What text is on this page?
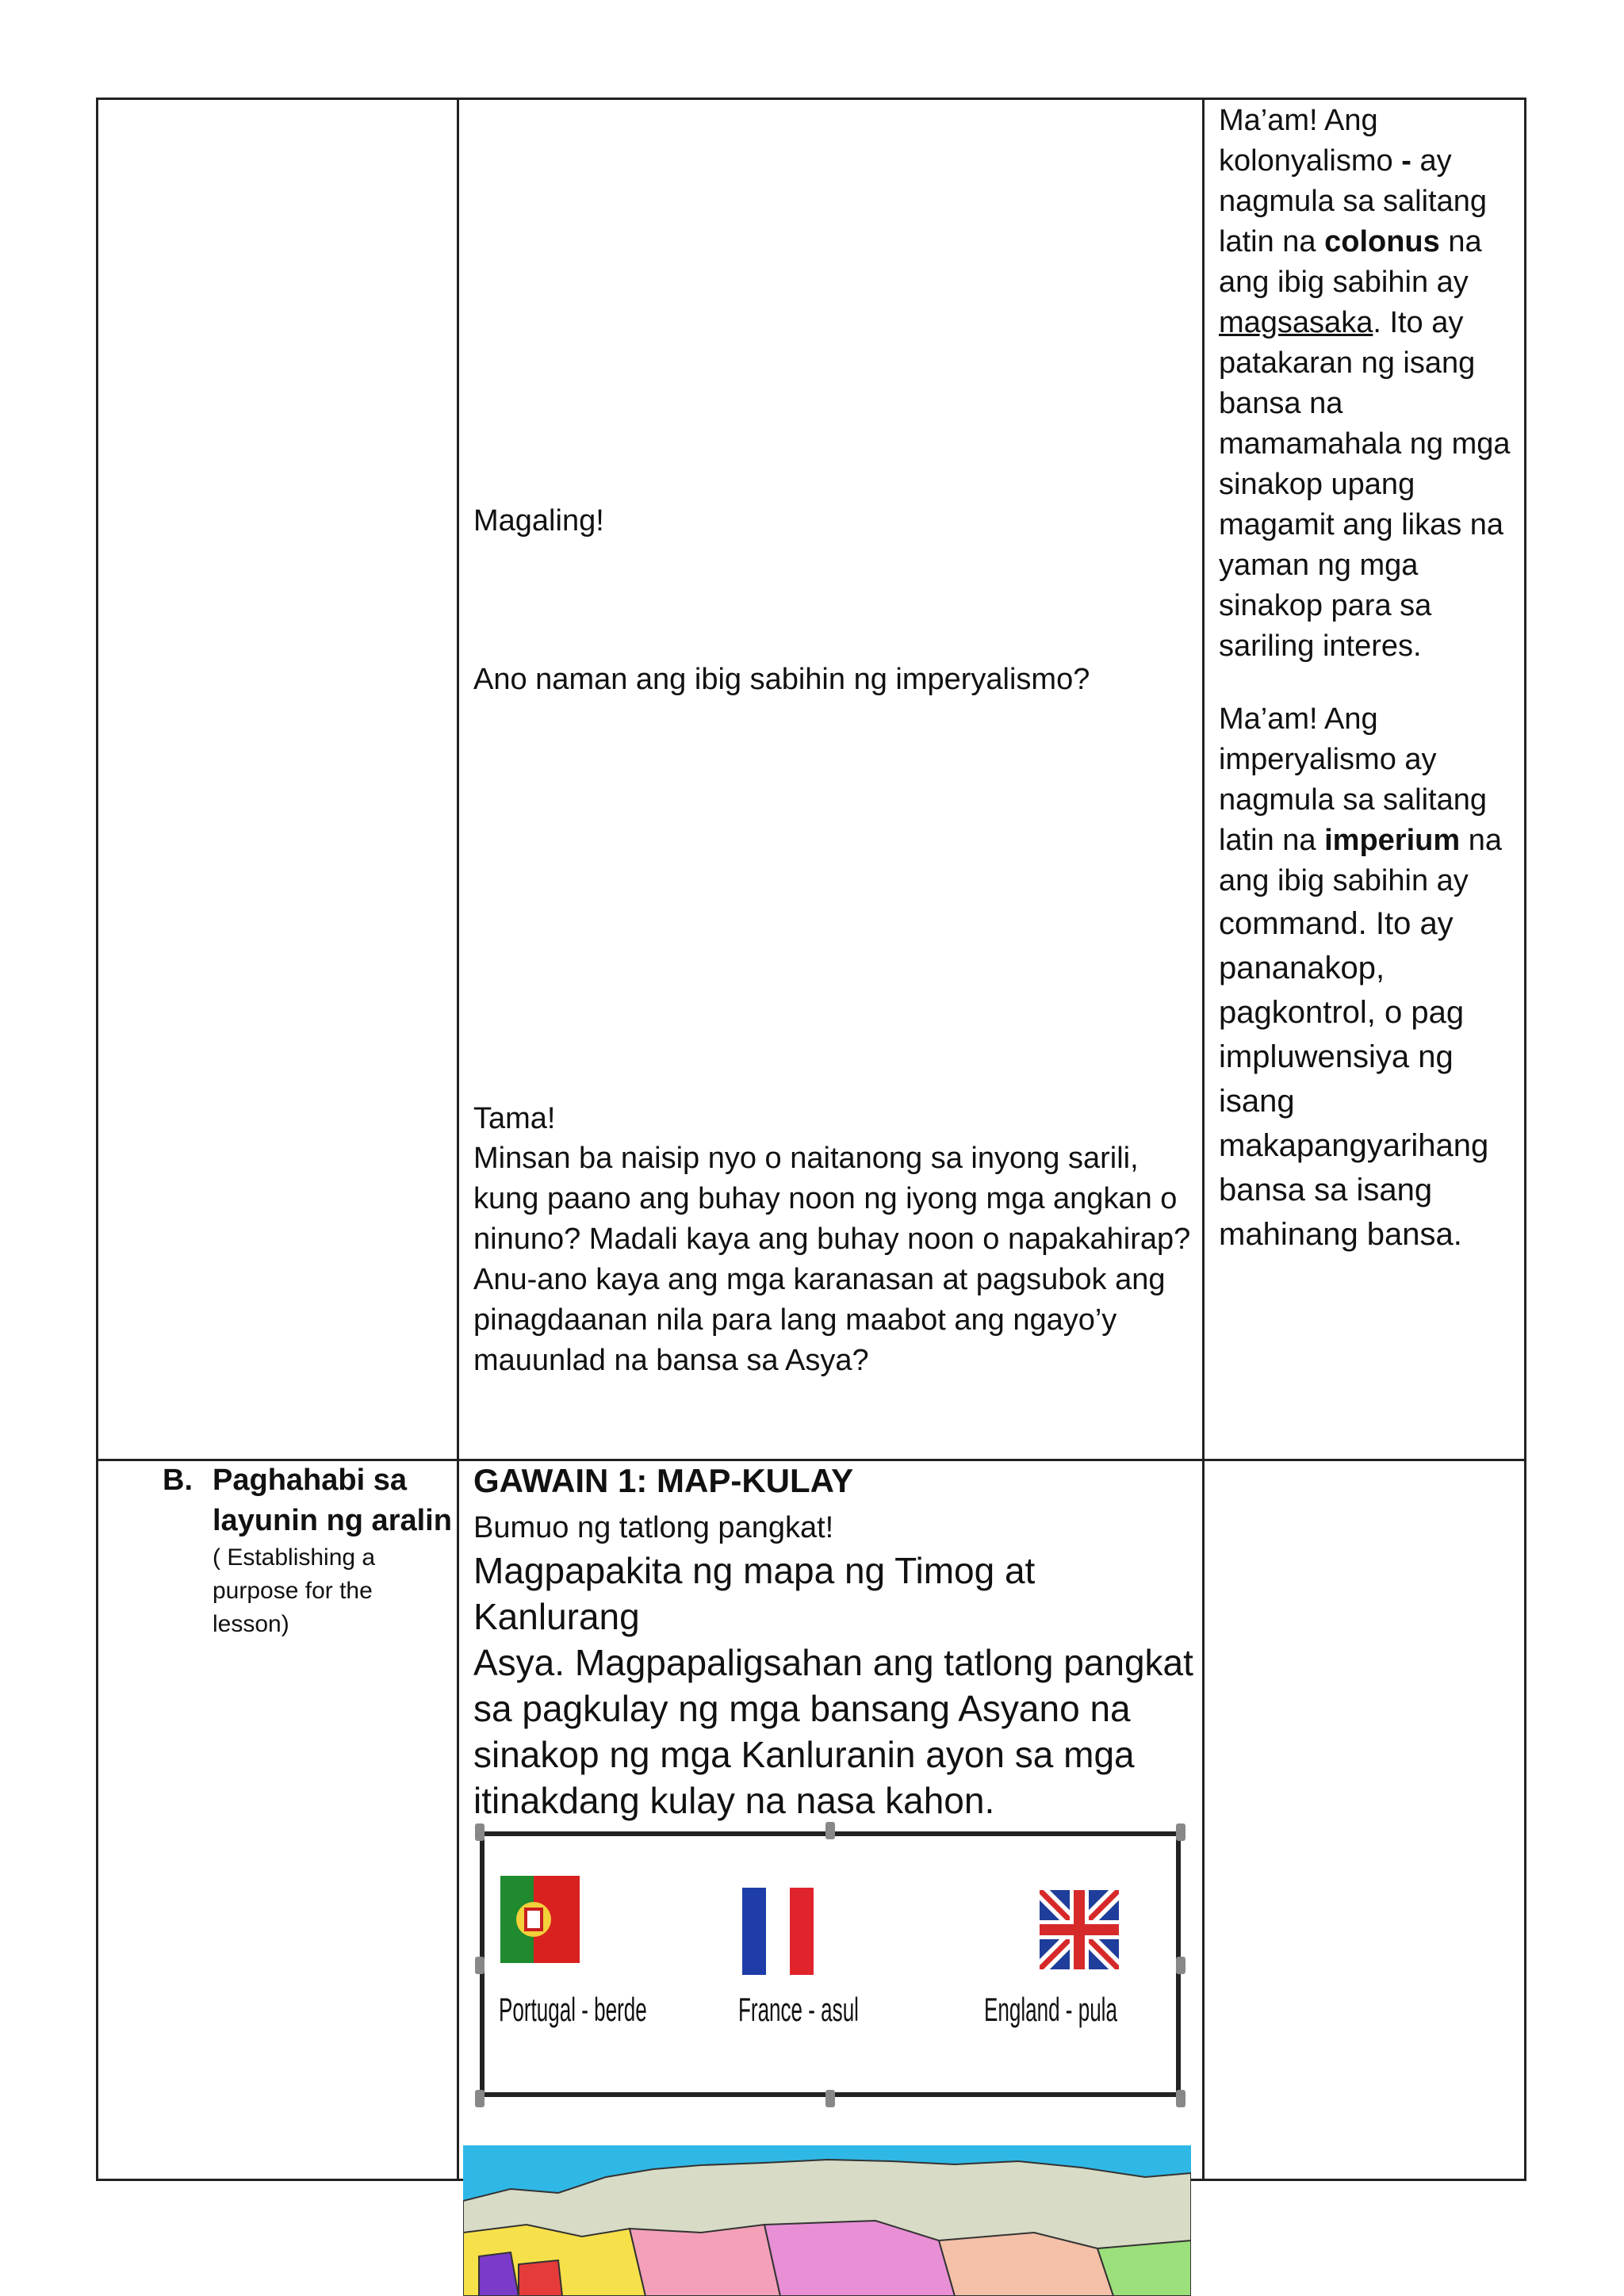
Ma’am! Ang
kolonyalismo - ay
nagmula sa salitang
latin na colonus na
ang ibig sabihin ay
magsasaka. Ito ay
patakaran ng isang
bansa na
mamamahala ng mga
sinakop upang
magamit ang likas na
yaman ng mga
sinakop para sa
sariling interes.
Ma’am! Ang
imperyalismo ay
nagmula sa salitang
latin na imperium na
ang ibig sabihin ay
command. Ito ay
pananakop,
pagkontrol, o pag
impluwensiya ng
isang
makapangyarihang
bansa sa isang
mahinang bansa.
Magaling!
Ano naman ang ibig sabihin ng imperyalismo?
Tama!
Minsan ba naisip nyo o naitanong sa inyong sarili,
kung paano ang buhay noon ng iyong mga angkan o
ninuno? Madali kaya ang buhay noon o napakahirap?
Anu-ano kaya ang mga karanasan at pagsubok ang
pinagdaanan nila para lang maabot ang ngayo’y
mauunlad na bansa sa Asya?
B. Paghahabi sa
layunin ng aralin
( Establishing a
purpose for the
lesson)
GAWAIN 1: MAP-KULAY
Bumuo ng tatlong pangkat!
Magpapakita ng mapa ng Timog at Kanlurang
Asya. Magpapaligsahan ang tatlong pangkat
sa pagkulay ng mga bansang Asyano na
sinakop ng mga Kanluranin ayon sa mga
itinakdang kulay na nasa kahon.
Portugal - berde	France - asul	England - pula
